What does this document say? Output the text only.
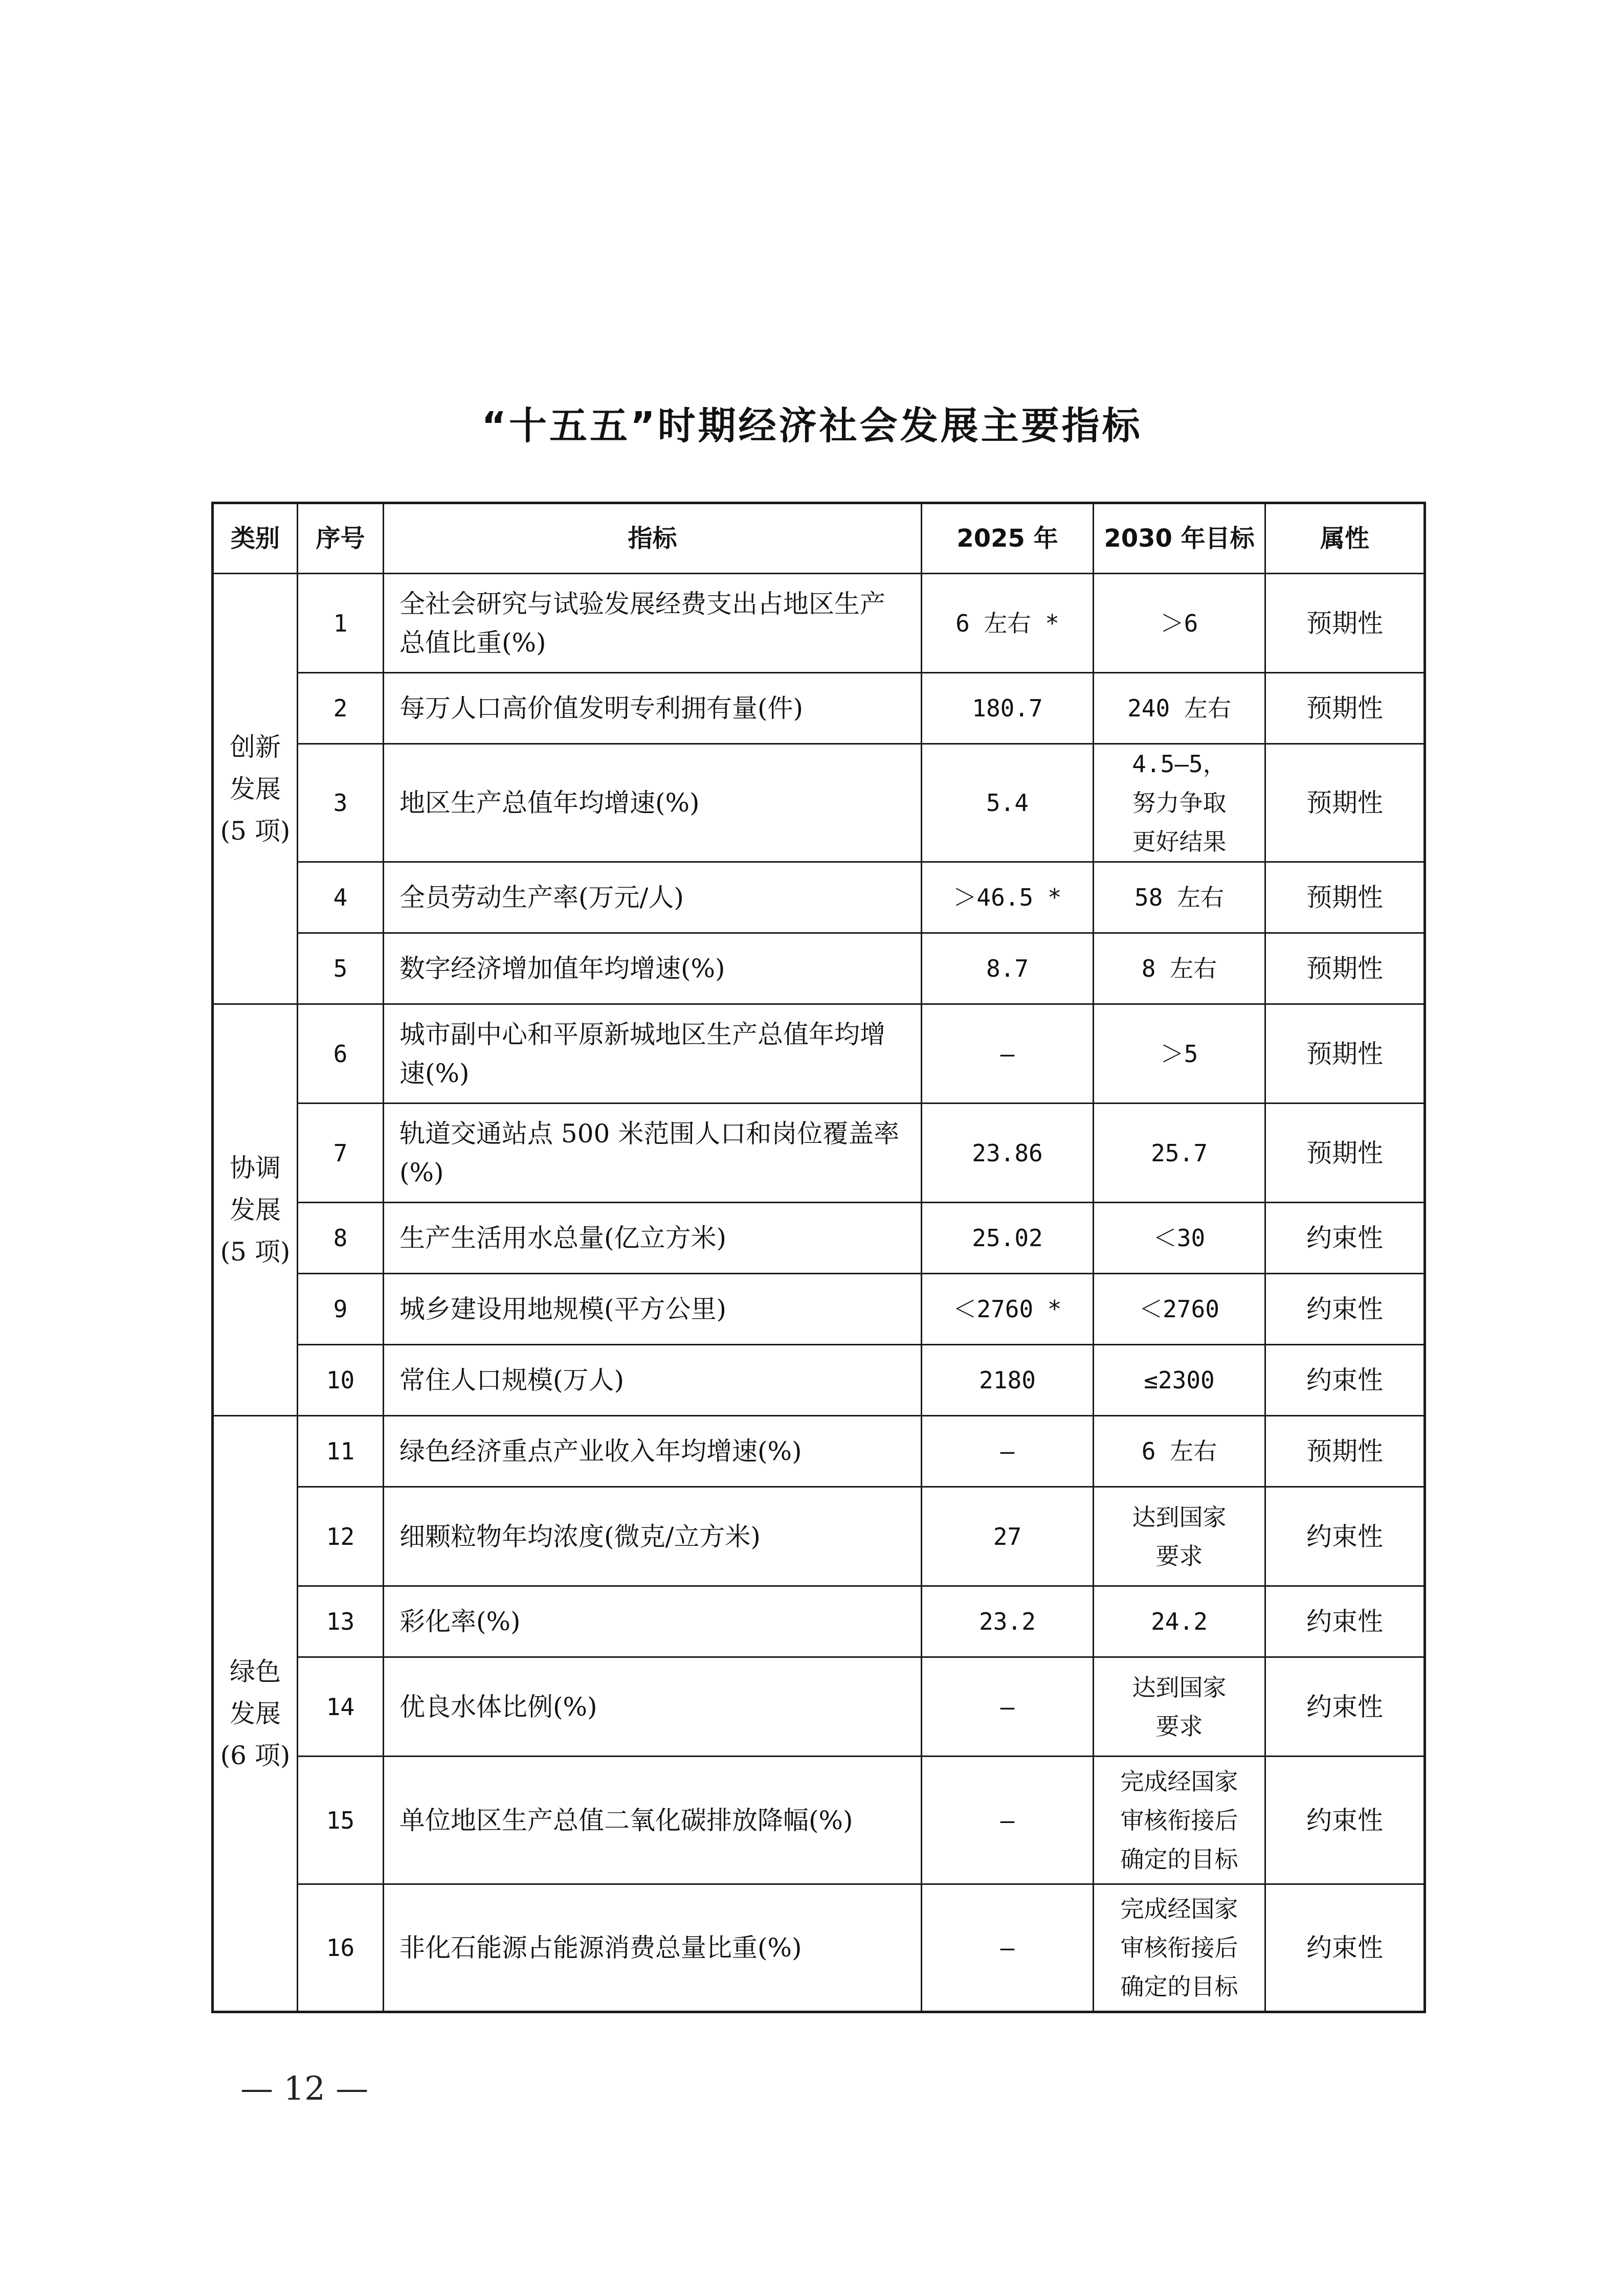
“十五五”时期经济社会发展主要指标
类别	序号	指标	2025 年	2030 年目标	属性
创新
发展
(5 项)	1	全社会研究与试验发展经费支出占地区生产总值比重(%)	6 左右 *	＞6	预期性
	2	每万人口高价值发明专利拥有量(件)	180.7	240 左右	预期性
	3	地区生产总值年均增速(%)	5.4	4.5—5，
努力争取
更好结果	预期性
	4	全员劳动生产率(万元/人)	＞46.5 *	58 左右	预期性
	5	数字经济增加值年均增速(%)	8.7	8 左右	预期性
协调
发展
(5 项)	6	城市副中心和平原新城地区生产总值年均增速(%)	—	＞5	预期性
	7	轨道交通站点 500 米范围人口和岗位覆盖率(%)	23.86	25.7	预期性
	8	生产生活用水总量(亿立方米)	25.02	＜30	约束性
	9	城乡建设用地规模(平方公里)	＜2760 *	＜2760	约束性
	10	常住人口规模(万人)	2180	≤2300	约束性
绿色
发展
(6 项)	11	绿色经济重点产业收入年均增速(%)	—	6 左右	预期性
	12	细颗粒物年均浓度(微克/立方米)	27	达到国家
要求	约束性
	13	彩化率(%)	23.2	24.2	约束性
	14	优良水体比例(%)	—	达到国家
要求	约束性
	15	单位地区生产总值二氧化碳排放降幅(%)	—	完成经国家
审核衔接后
确定的目标	约束性
	16	非化石能源占能源消费总量比重(%)	—	完成经国家
审核衔接后
确定的目标	约束性
— 12 —
